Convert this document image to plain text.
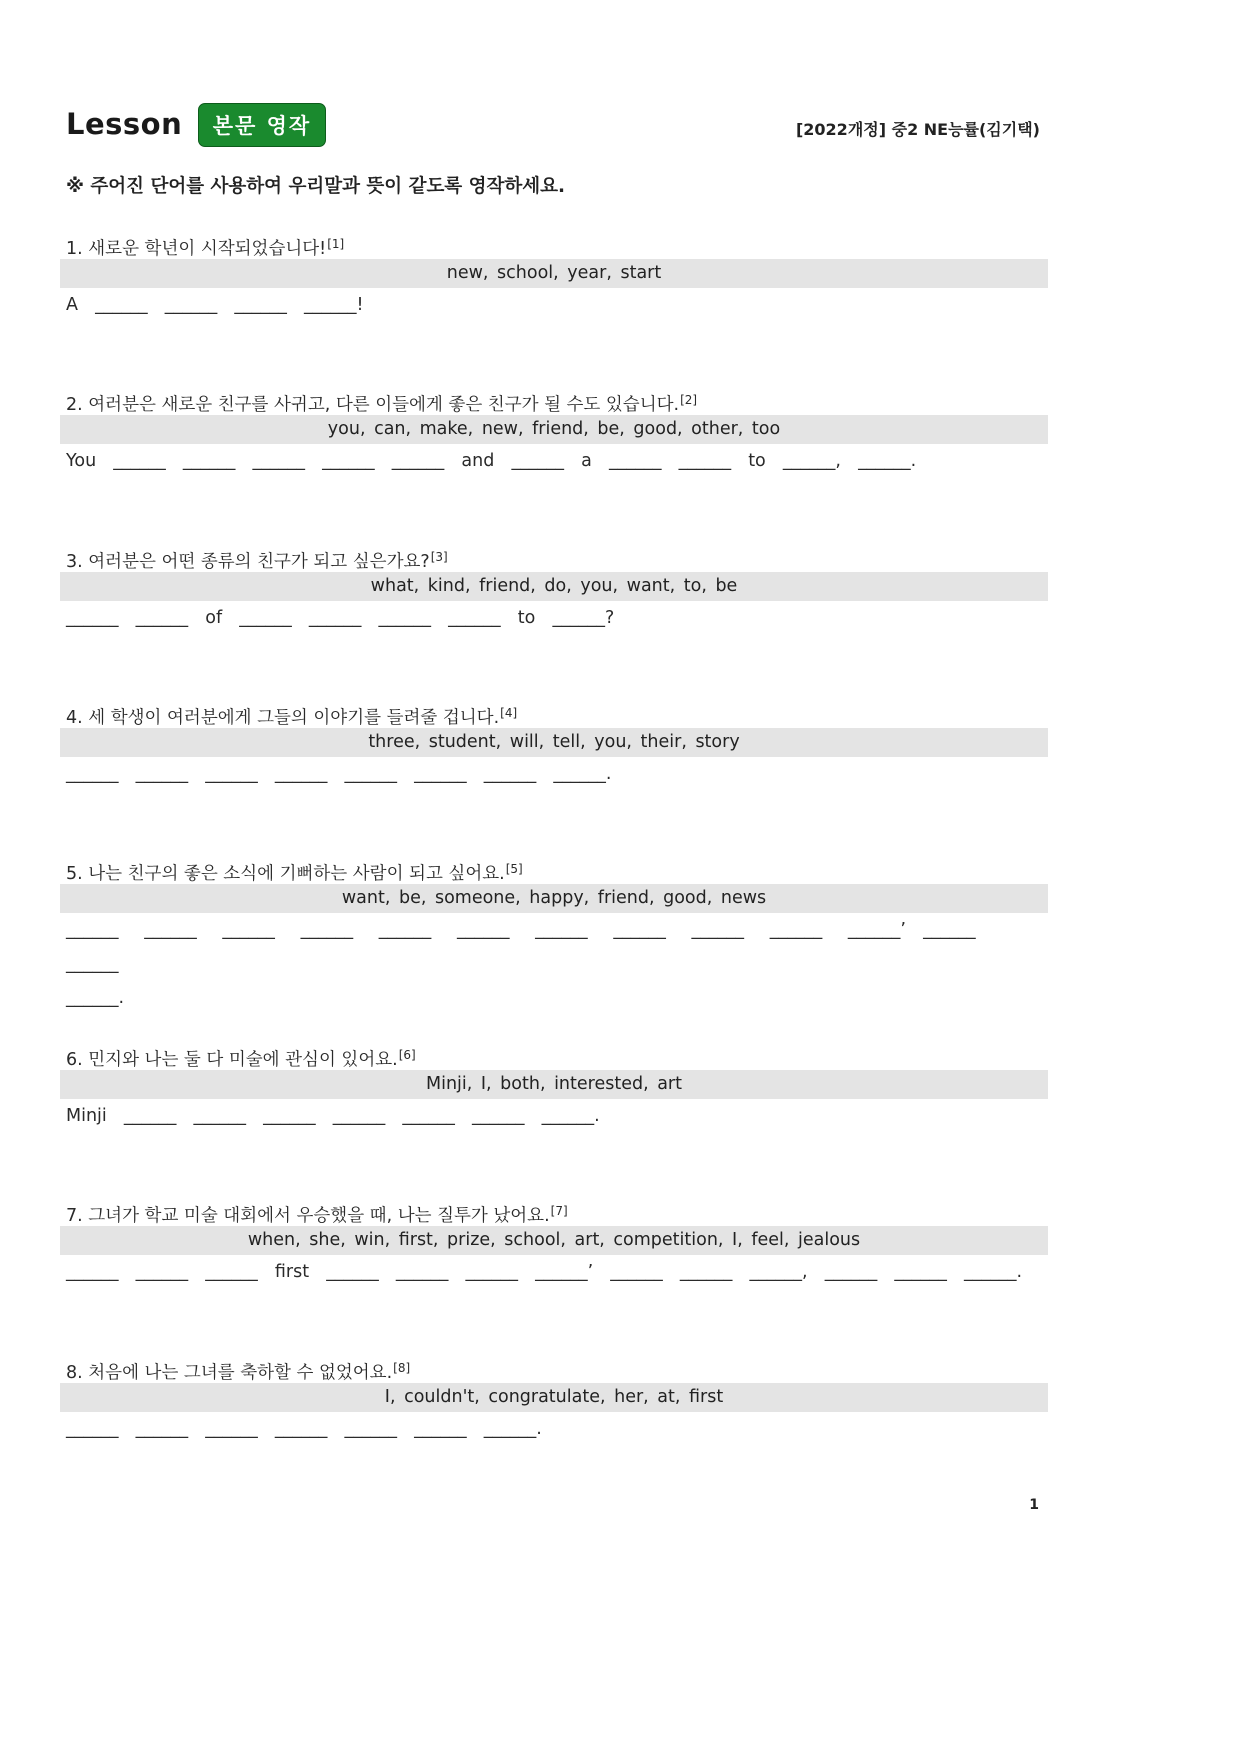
Lesson	본문 영작	[2022개정] 중2 NE능률(김기택)
※ 주어진 단어를 사용하여 우리말과 뜻이 같도록 영작하세요.
1. 새로운 학년이 시작되었습니다![1]
new, school, year, start
A  ______  ______  ______  ______!
2. 여러분은 새로운 친구를 사귀고, 다른 이들에게 좋은 친구가 될 수도 있습니다.[2]
you, can, make, new, friend, be, good, other, too
You  ______  ______  ______  ______  ______  and  ______  a  ______  ______  to  ______,  ______.
3. 여러분은 어떤 종류의 친구가 되고 싶은가요?[3]
what, kind, friend, do, you, want, to, be
______  ______  of  ______  ______  ______  ______  to  ______?
4. 세 학생이 여러분에게 그들의 이야기를 들려줄 겁니다.[4]
three, student, will, tell, you, their, story
______  ______  ______  ______  ______  ______  ______  ______.
5. 나는 친구의 좋은 소식에 기뻐하는 사람이 되고 싶어요.[5]
want, be, someone, happy, friend, good, news
______   ______   ______   ______   ______   ______   ______   ______   ______   ______   ______’  ______   ______
______.
6. 민지와 나는 둘 다 미술에 관심이 있어요.[6]
Minji, I, both, interested, art
Minji  ______  ______  ______  ______  ______  ______  ______.
7. 그녀가 학교 미술 대회에서 우승했을 때, 나는 질투가 났어요.[7]
when, she, win, first, prize, school, art, competition, I, feel, jealous
______  ______  ______  first  ______  ______  ______  ______’  ______  ______  ______,  ______  ______  ______.
8. 처음에 나는 그녀를 축하할 수 없었어요.[8]
I, couldn't, congratulate, her, at, first
______  ______  ______  ______  ______  ______  ______.
1
